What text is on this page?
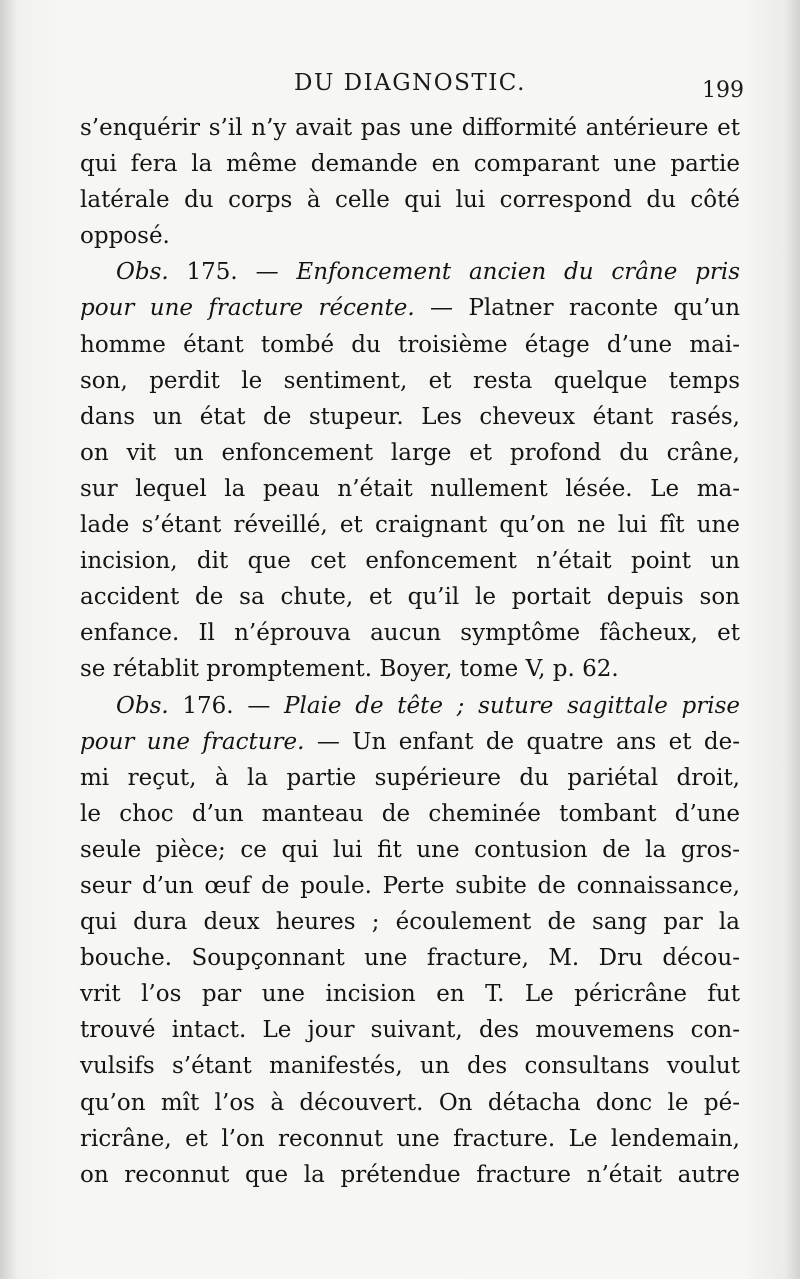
DU DIAGNOSTIC.	199
s’enquérir s’il n’y avait pas une difformité antérieure et
qui fera la même demande en comparant une partie
latérale du corps à celle qui lui correspond du côté
opposé.
Obs. 175. — Enfoncement ancien du crâne pris
pour une fracture récente. — Platner raconte qu’un
homme étant tombé du troisième étage d’une mai-
son, perdit le sentiment, et resta quelque temps
dans un état de stupeur. Les cheveux étant rasés,
on vit un enfoncement large et profond du crâne,
sur lequel la peau n’était nullement lésée. Le ma-
lade s’étant réveillé, et craignant qu’on ne lui fît une
incision, dit que cet enfoncement n’était point un
accident de sa chute, et qu’il le portait depuis son
enfance. Il n’éprouva aucun symptôme fâcheux, et
se rétablit promptement. Boyer, tome V, p. 62.
Obs. 176. — Plaie de tête ; suture sagittale prise
pour une fracture. — Un enfant de quatre ans et de-
mi reçut, à la partie supérieure du pariétal droit,
le choc d’un manteau de cheminée tombant d’une
seule pièce; ce qui lui fit une contusion de la gros-
seur d’un œuf de poule. Perte subite de connaissance,
qui dura deux heures ; écoulement de sang par la
bouche. Soupçonnant une fracture, M. Dru décou-
vrit l’os par une incision en T. Le péricrâne fut
trouvé intact. Le jour suivant, des mouvemens con-
vulsifs s’étant manifestés, un des consultans voulut
qu’on mît l’os à découvert. On détacha donc le pé-
ricrâne, et l’on reconnut une fracture. Le lendemain,
on reconnut que la prétendue fracture n’était autre
